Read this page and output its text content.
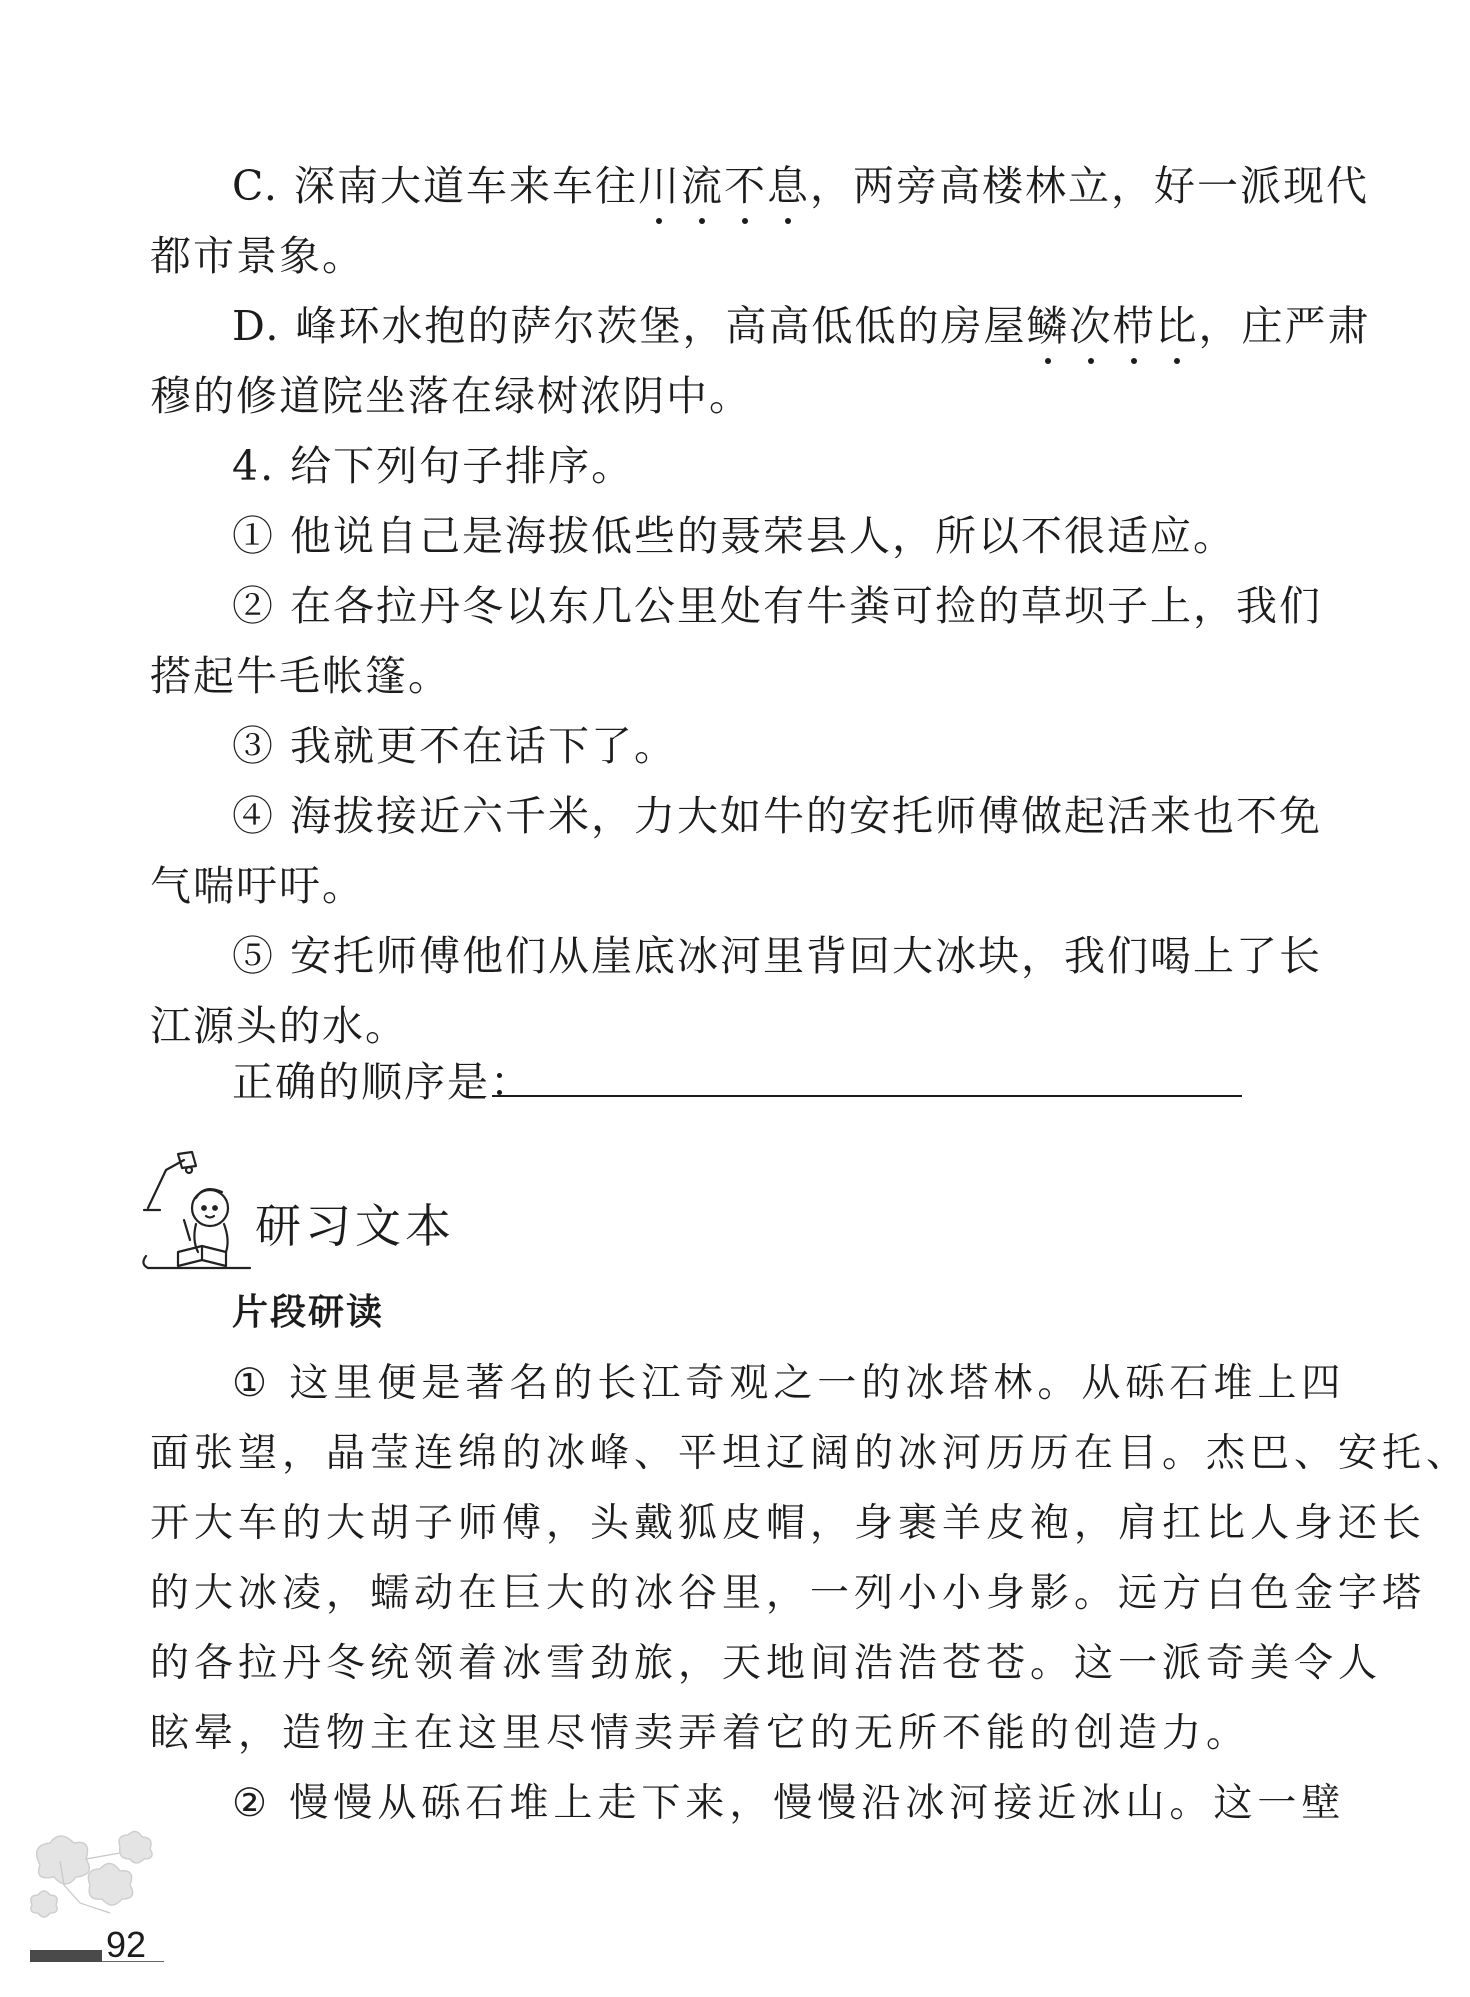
C. 深南大道车来车往川流不息，两旁高楼林立，好一派现代
都市景象。
D. 峰环水抱的萨尔茨堡，高高低低的房屋鳞次栉比，庄严肃
穆的修道院坐落在绿树浓阴中。
4. 给下列句子排序。
① 他说自己是海拔低些的聂荣县人，所以不很适应。
② 在各拉丹冬以东几公里处有牛粪可捡的草坝子上，我们
搭起牛毛帐篷。
③ 我就更不在话下了。
④ 海拔接近六千米，力大如牛的安托师傅做起活来也不免
气喘吁吁。
⑤ 安托师傅他们从崖底冰河里背回大冰块，我们喝上了长
江源头的水。
正确的顺序是：
研习文本
片段研读
① 这里便是著名的长江奇观之一的冰塔林。从砾石堆上四
面张望，晶莹连绵的冰峰、平坦辽阔的冰河历历在目。杰巴、安托、
开大车的大胡子师傅，头戴狐皮帽，身裹羊皮袍，肩扛比人身还长
的大冰凌，蠕动在巨大的冰谷里，一列小小身影。远方白色金字塔
的各拉丹冬统领着冰雪劲旅，天地间浩浩苍苍。这一派奇美令人
眩晕，造物主在这里尽情卖弄着它的无所不能的创造力。
② 慢慢从砾石堆上走下来，慢慢沿冰河接近冰山。这一壁
92
